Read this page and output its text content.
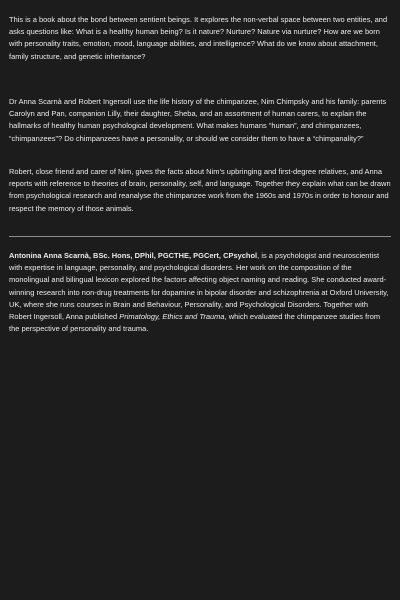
This is a book about the bond between sentient beings. It explores the non-verbal space between two entities, and asks questions like: What is a healthy human being? Is it nature? Nurture? Nature via nurture? How are we born with personality traits, emotion, mood, language abilities, and intelligence? What do we know about attachment, family structure, and genetic inheritance?

Dr Anna Scarnà and Robert Ingersoll use the life history of the chimpanzee, Nim Chimpsky and his family: parents Carolyn and Pan, companion Lilly, their daughter, Sheba, and an assortment of human carers, to explain the hallmarks of healthy human psychological development. What makes humans “human”, and chimpanzees, “chimpanzees”? Do chimpanzees have a personality, or should we consider them to have a “chimpanality?”

Robert, close friend and carer of Nim, gives the facts about Nim’s upbringing and first-degree relatives, and Anna reports with reference to theories of brain, personality, self, and language. Together they explain what can be drawn from psychological research and reanalyse the chimpanzee work from the 1960s and 1970s in order to honour and respect the memory of those animals.

Antonina Anna Scarnà, BSc. Hons, DPhil, PGCTHE, PGCert, CPsychol, is a psychologist and neuroscientist with expertise in language, personality, and psychological disorders. Her work on the composition of the monolingual and bilingual lexicon explored the factors affecting object naming and reading. She conducted award-winning research into non-drug treatments for dopamine in bipolar disorder and schizophrenia at Oxford University, UK, where she runs courses in Brain and Behaviour, Personality, and Psychological Disorders. Together with Robert Ingersoll, Anna published Primatology, Ethics and Trauma, which evaluated the chimpanzee studies from the perspective of personality and trauma.
